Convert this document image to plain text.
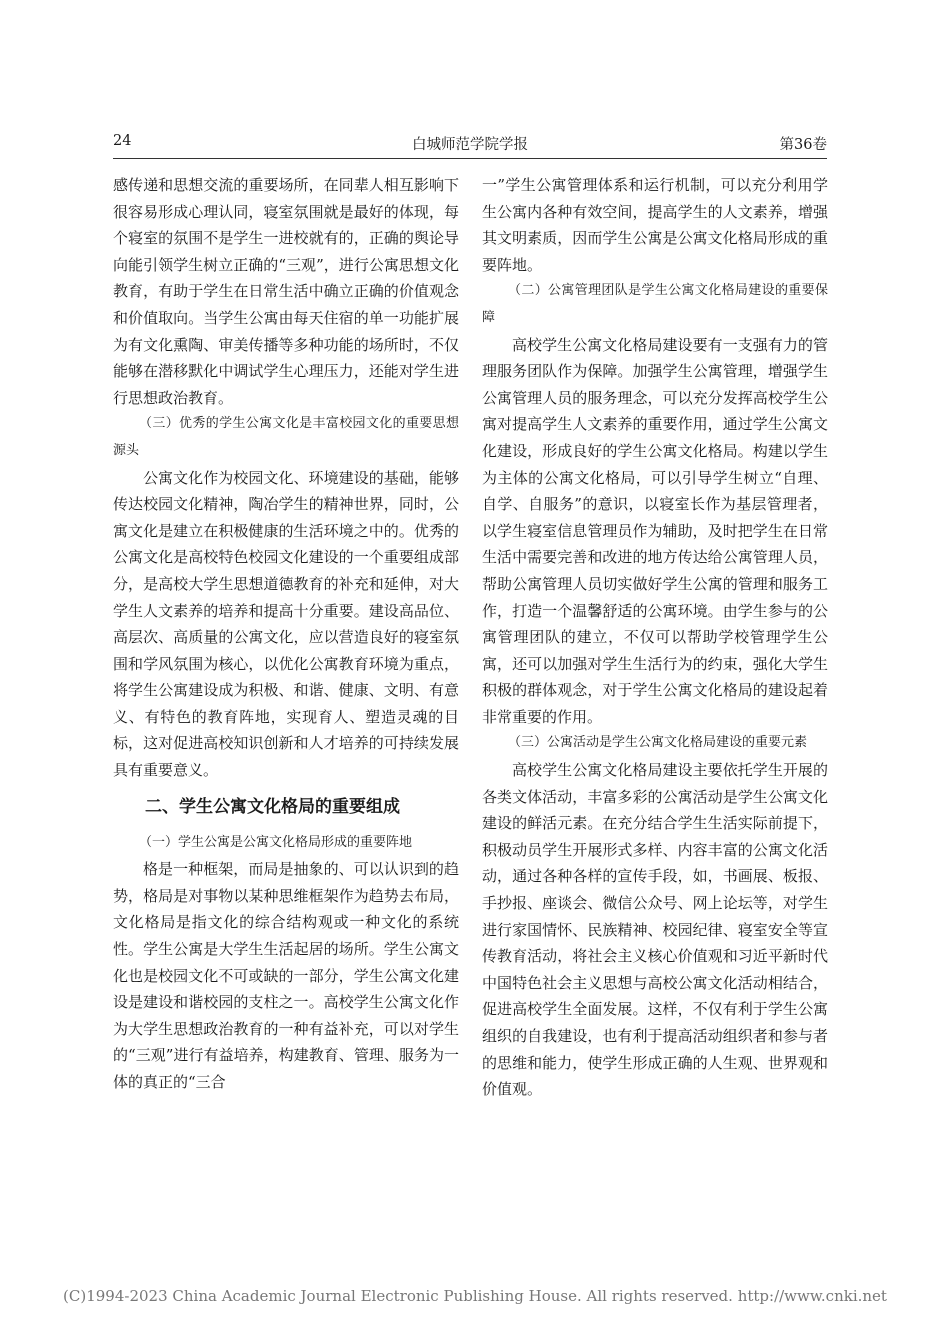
24	白城师范学院学报	第36卷

感传递和思想交流的重要场所，在同辈人相互影响下很容易形成心理认同，寝室氛围就是最好的体现，每个寝室的氛围不是学生一进校就有的，正确的舆论导向能引领学生树立正确的“三观”，进行公寓思想文化教育，有助于学生在日常生活中确立正确的价值观念和价值取向。当学生公寓由每天住宿的单一功能扩展为有文化熏陶、审美传播等多种功能的场所时，不仅能够在潜移默化中调试学生心理压力，还能对学生进行思想政治教育。

（三）优秀的学生公寓文化是丰富校园文化的重要思想源头

公寓文化作为校园文化、环境建设的基础，能够传达校园文化精神，陶冶学生的精神世界，同时，公寓文化是建立在积极健康的生活环境之中的。优秀的公寓文化是高校特色校园文化建设的一个重要组成部分，是高校大学生思想道德教育的补充和延伸，对大学生人文素养的培养和提高十分重要。建设高品位、高层次、高质量的公寓文化，应以营造良好的寝室氛围和学风氛围为核心，以优化公寓教育环境为重点，将学生公寓建设成为积极、和谐、健康、文明、有意义、有特色的教育阵地，实现育人、塑造灵魂的目标，这对促进高校知识创新和人才培养的可持续发展具有重要意义。

二、学生公寓文化格局的重要组成

（一）学生公寓是公寓文化格局形成的重要阵地

格是一种框架，而局是抽象的、可以认识到的趋势，格局是对事物以某种思维框架作为趋势去布局，文化格局是指文化的综合结构观或一种文化的系统性。学生公寓是大学生生活起居的场所。学生公寓文化也是校园文化不可或缺的一部分，学生公寓文化建设是建设和谐校园的支柱之一。高校学生公寓文化作为大学生思想政治教育的一种有益补充，可以对学生的“三观”进行有益培养，构建教育、管理、服务为一体的真正的“三合

一”学生公寓管理体系和运行机制，可以充分利用学生公寓内各种有效空间，提高学生的人文素养，增强其文明素质，因而学生公寓是公寓文化格局形成的重要阵地。

（二）公寓管理团队是学生公寓文化格局建设的重要保障

高校学生公寓文化格局建设要有一支强有力的管理服务团队作为保障。加强学生公寓管理，增强学生公寓管理人员的服务理念，可以充分发挥高校学生公寓对提高学生人文素养的重要作用，通过学生公寓文化建设，形成良好的学生公寓文化格局。构建以学生为主体的公寓文化格局，可以引导学生树立“自理、自学、自服务”的意识，以寝室长作为基层管理者，以学生寝室信息管理员作为辅助，及时把学生在日常生活中需要完善和改进的地方传达给公寓管理人员，帮助公寓管理人员切实做好学生公寓的管理和服务工作，打造一个温馨舒适的公寓环境。由学生参与的公寓管理团队的建立，不仅可以帮助学校管理学生公寓，还可以加强对学生生活行为的约束，强化大学生积极的群体观念，对于学生公寓文化格局的建设起着非常重要的作用。

（三）公寓活动是学生公寓文化格局建设的重要元素

高校学生公寓文化格局建设主要依托学生开展的各类文体活动，丰富多彩的公寓活动是学生公寓文化建设的鲜活元素。在充分结合学生生活实际前提下，积极动员学生开展形式多样、内容丰富的公寓文化活动，通过各种各样的宣传手段，如，书画展、板报、手抄报、座谈会、微信公众号、网上论坛等，对学生进行家国情怀、民族精神、校园纪律、寝室安全等宣传教育活动，将社会主义核心价值观和习近平新时代中国特色社会主义思想与高校公寓文化活动相结合，促进高校学生全面发展。这样，不仅有利于学生公寓组织的自我建设，也有利于提高活动组织者和参与者的思维和能力，使学生形成正确的人生观、世界观和价值观。

(C)1994-2023 China Academic Journal Electronic Publishing House. All rights reserved. http://www.cnki.net
